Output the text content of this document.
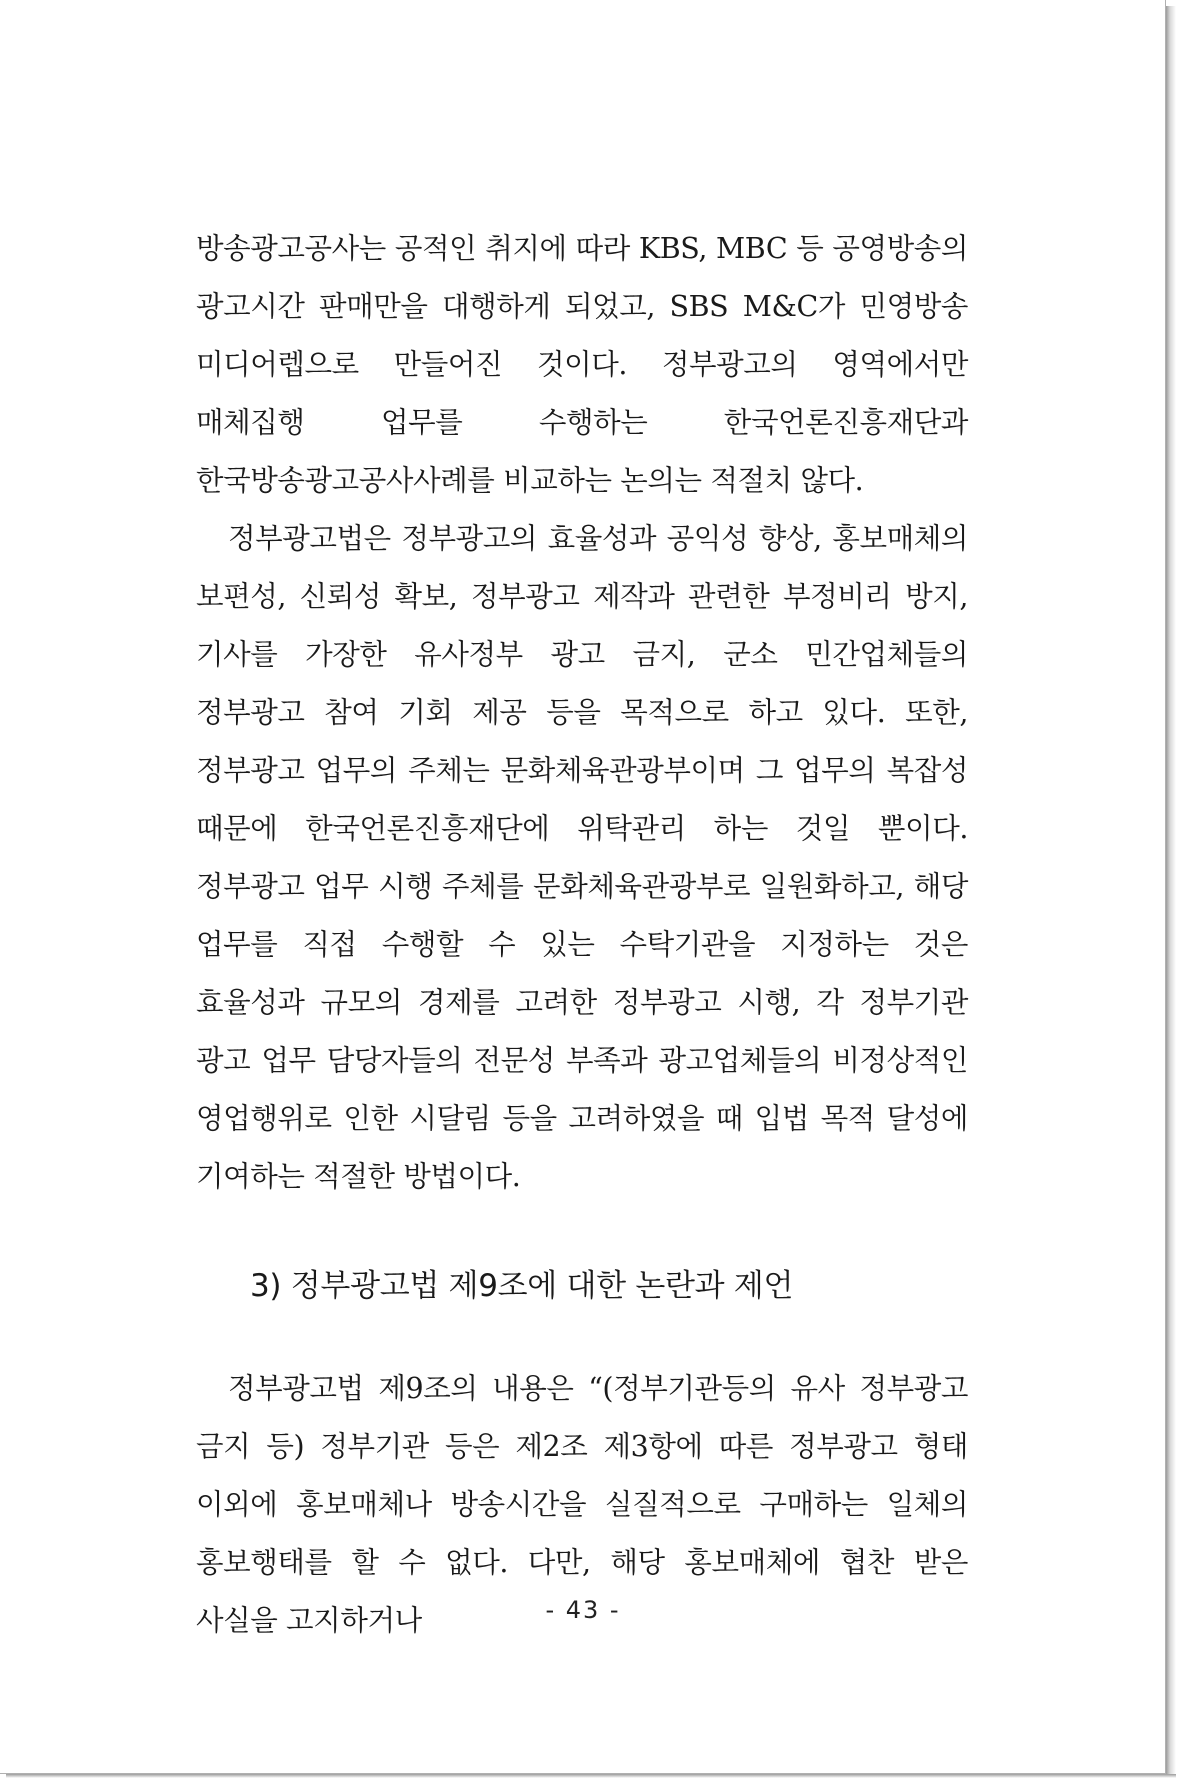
방송광고공사는 공적인 취지에 따라 KBS, MBC 등 공영방송의 광고시간 판매만을 대행하게 되었고, SBS M&C가 민영방송 미디어렙으로 만들어진 것이다. 정부광고의 영역에서만 매체집행 업무를 수행하는 한국언론진흥재단과 한국방송광고공사사례를 비교하는 논의는 적절치 않다.

정부광고법은 정부광고의 효율성과 공익성 향상, 홍보매체의 보편성, 신뢰성 확보, 정부광고 제작과 관련한 부정비리 방지, 기사를 가장한 유사정부 광고 금지, 군소 민간업체들의 정부광고 참여 기회 제공 등을 목적으로 하고 있다. 또한, 정부광고 업무의 주체는 문화체육관광부이며 그 업무의 복잡성 때문에 한국언론진흥재단에 위탁관리 하는 것일 뿐이다. 정부광고 업무 시행 주체를 문화체육관광부로 일원화하고, 해당 업무를 직접 수행할 수 있는 수탁기관을 지정하는 것은 효율성과 규모의 경제를 고려한 정부광고 시행, 각 정부기관 광고 업무 담당자들의 전문성 부족과 광고업체들의 비정상적인 영업행위로 인한 시달림 등을 고려하였을 때 입법 목적 달성에 기여하는 적절한 방법이다.

3) 정부광고법 제9조에 대한 논란과 제언

정부광고법 제9조의 내용은 “(정부기관등의 유사 정부광고 금지 등) 정부기관 등은 제2조 제3항에 따른 정부광고 형태 이외에 홍보매체나 방송시간을 실질적으로 구매하는 일체의 홍보행태를 할 수 없다. 다만, 해당 홍보매체에 협찬 받은 사실을 고지하거나	- 43 -
